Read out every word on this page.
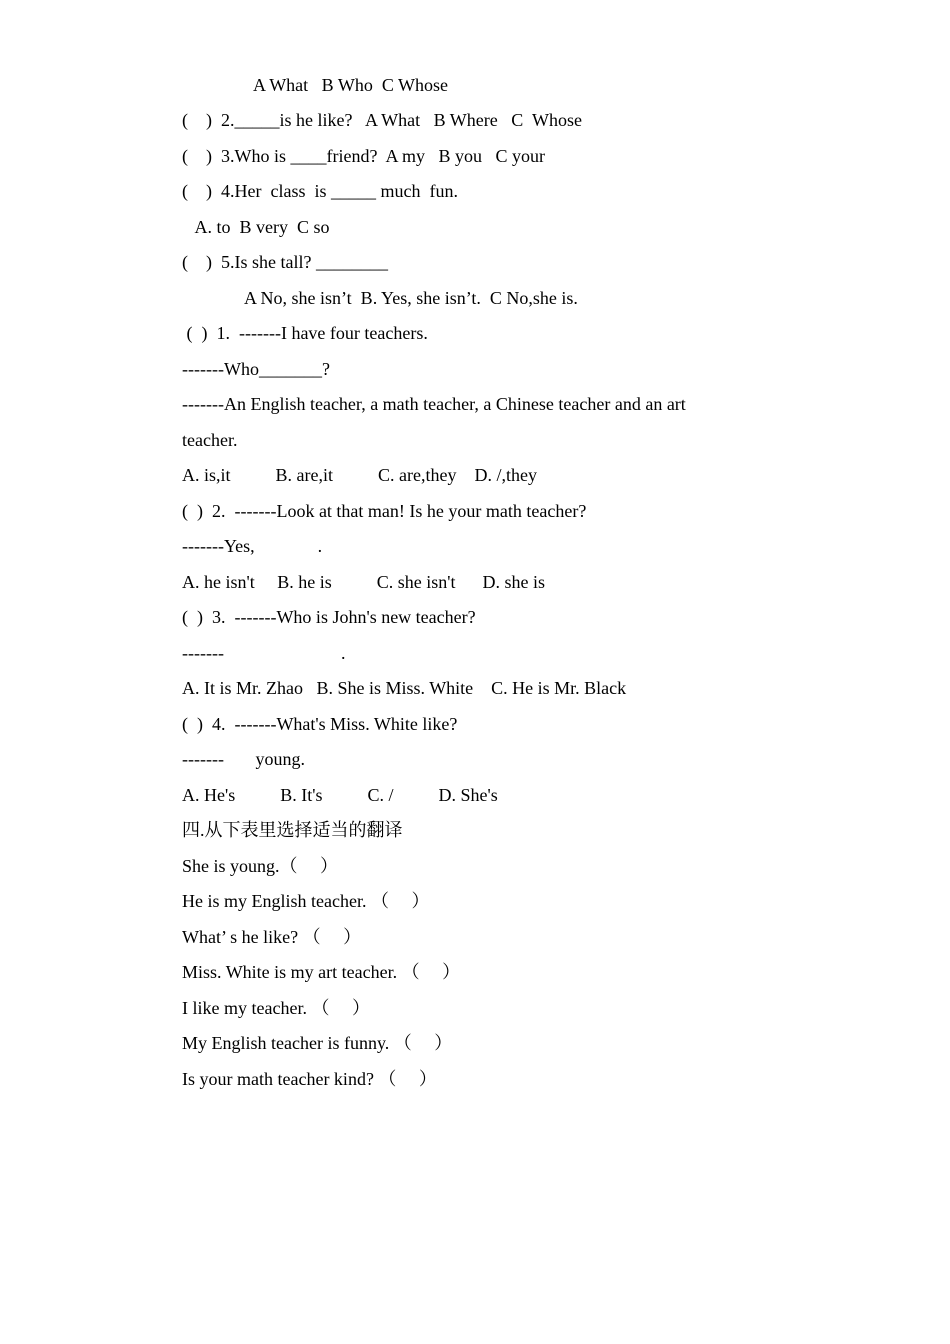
A What   B Who  C Whose
(    )  2._____is he like?   A What   B Where   C  Whose
(    )  3.Who is ____friend?  A my   B you   C your
(    )  4.Her  class  is _____ much  fun.
A. to  B very  C so
(    )  5.Is she tall? ________
A No, she isn’t  B. Yes, she isn’t.  C No,she is.
(  )  1.  -------I have four teachers.
-------Who_______?
-------An English teacher, a math teacher, a Chinese teacher and an art
teacher.
A. is,it          B. are,it          C. are,they    D. /,they
(  )  2.  -------Look at that man! Is he your math teacher?
-------Yes,              .
A. he isn't     B. he is          C. she isn't      D. she is
(  )  3.  -------Who is John's new teacher?
-------                          .
A. It is Mr. Zhao   B. She is Miss. White    C. He is Mr. Black
(  )  4.  -------What's Miss. White like?
-------       young.
A. He's          B. It's          C. /          D. She's
四.从下表里选择适当的翻译
She is young.（     ）
He is my English teacher. （     ）
What’ s he like? （     ）
Miss. White is my art teacher. （     ）
I like my teacher. （     ）
My English teacher is funny. （     ）
Is your math teacher kind? （     ）
